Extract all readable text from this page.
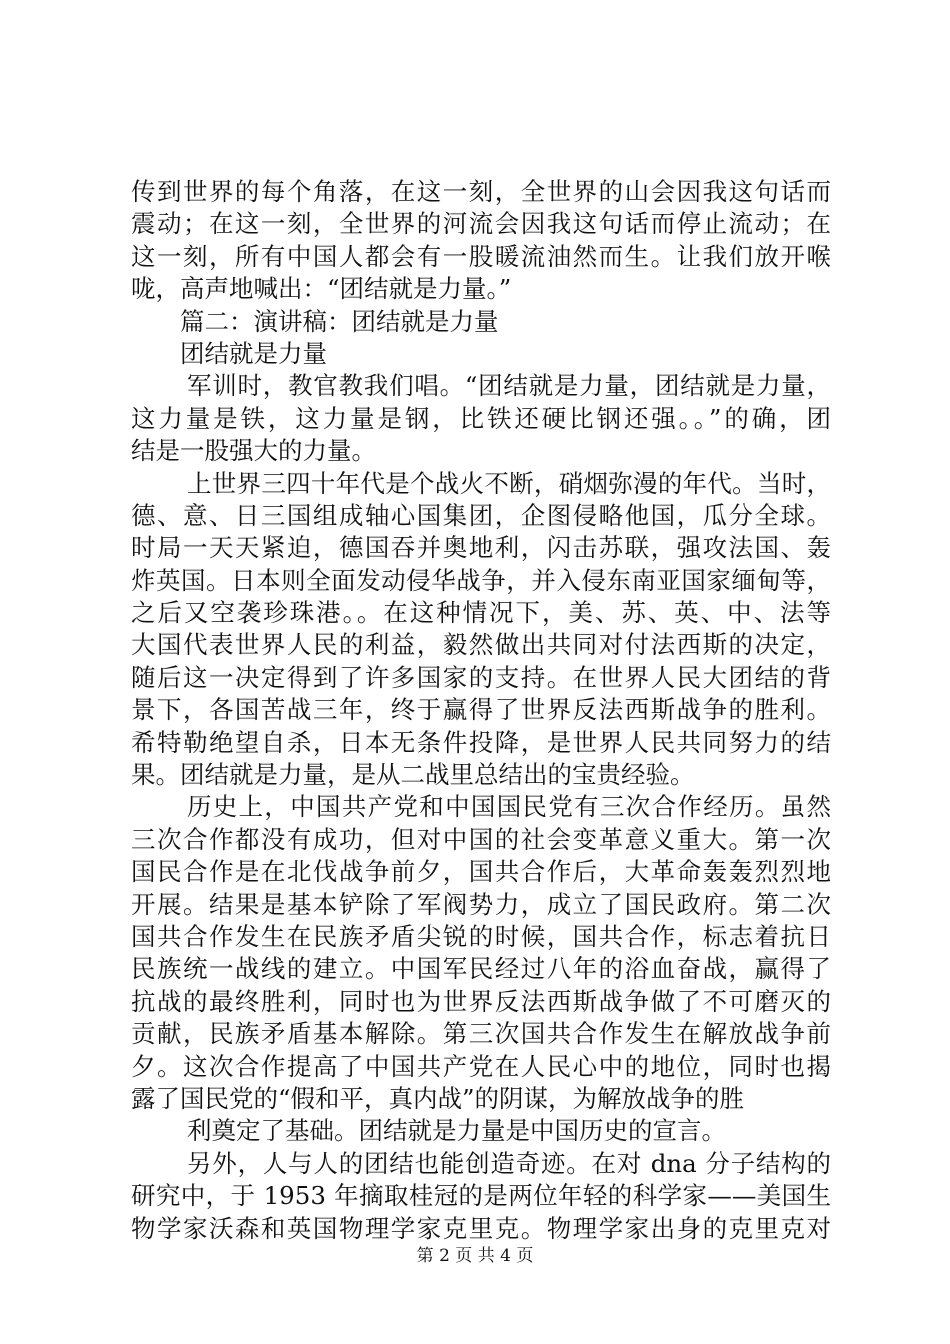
传到世界的每个角落，在这一刻，全世界的山会因我这句话而
震动；在这一刻，全世界的河流会因我这句话而停止流动；在
这一刻，所有中国人都会有一股暖流油然而生。让我们放开喉
咙，高声地喊出：“团结就是力量。”
篇二：演讲稿：团结就是力量
团结就是力量
军训时，教官教我们唱。“团结就是力量，团结就是力量，
这力量是铁，这力量是钢，比铁还硬比钢还强。。”的确，团
结是一股强大的力量。
上世界三四十年代是个战火不断，硝烟弥漫的年代。当时，
德、意、日三国组成轴心国集团，企图侵略他国，瓜分全球。
时局一天天紧迫，德国吞并奥地利，闪击苏联，强攻法国、轰
炸英国。日本则全面发动侵华战争，并入侵东南亚国家缅甸等，
之后又空袭珍珠港。。在这种情况下，美、苏、英、中、法等
大国代表世界人民的利益，毅然做出共同对付法西斯的决定，
随后这一决定得到了许多国家的支持。在世界人民大团结的背
景下，各国苦战三年，终于赢得了世界反法西斯战争的胜利。
希特勒绝望自杀，日本无条件投降，是世界人民共同努力的结
果。团结就是力量，是从二战里总结出的宝贵经验。
历史上，中国共产党和中国国民党有三次合作经历。虽然
三次合作都没有成功，但对中国的社会变革意义重大。第一次
国民合作是在北伐战争前夕，国共合作后，大革命轰轰烈烈地
开展。结果是基本铲除了军阀势力，成立了国民政府。第二次
国共合作发生在民族矛盾尖锐的时候，国共合作，标志着抗日
民族统一战线的建立。中国军民经过八年的浴血奋战，赢得了
抗战的最终胜利，同时也为世界反法西斯战争做了不可磨灭的
贡献，民族矛盾基本解除。第三次国共合作发生在解放战争前
夕。这次合作提高了中国共产党在人民心中的地位，同时也揭
露了国民党的“假和平，真内战”的阴谋，为解放战争的胜
利奠定了基础。团结就是力量是中国历史的宣言。
另外，人与人的团结也能创造奇迹。在对 dna 分子结构的
研究中，于 1953 年摘取桂冠的是两位年轻的科学家——美国生
物学家沃森和英国物理学家克里克。物理学家出身的克里克对
第 2 页 共 4 页
